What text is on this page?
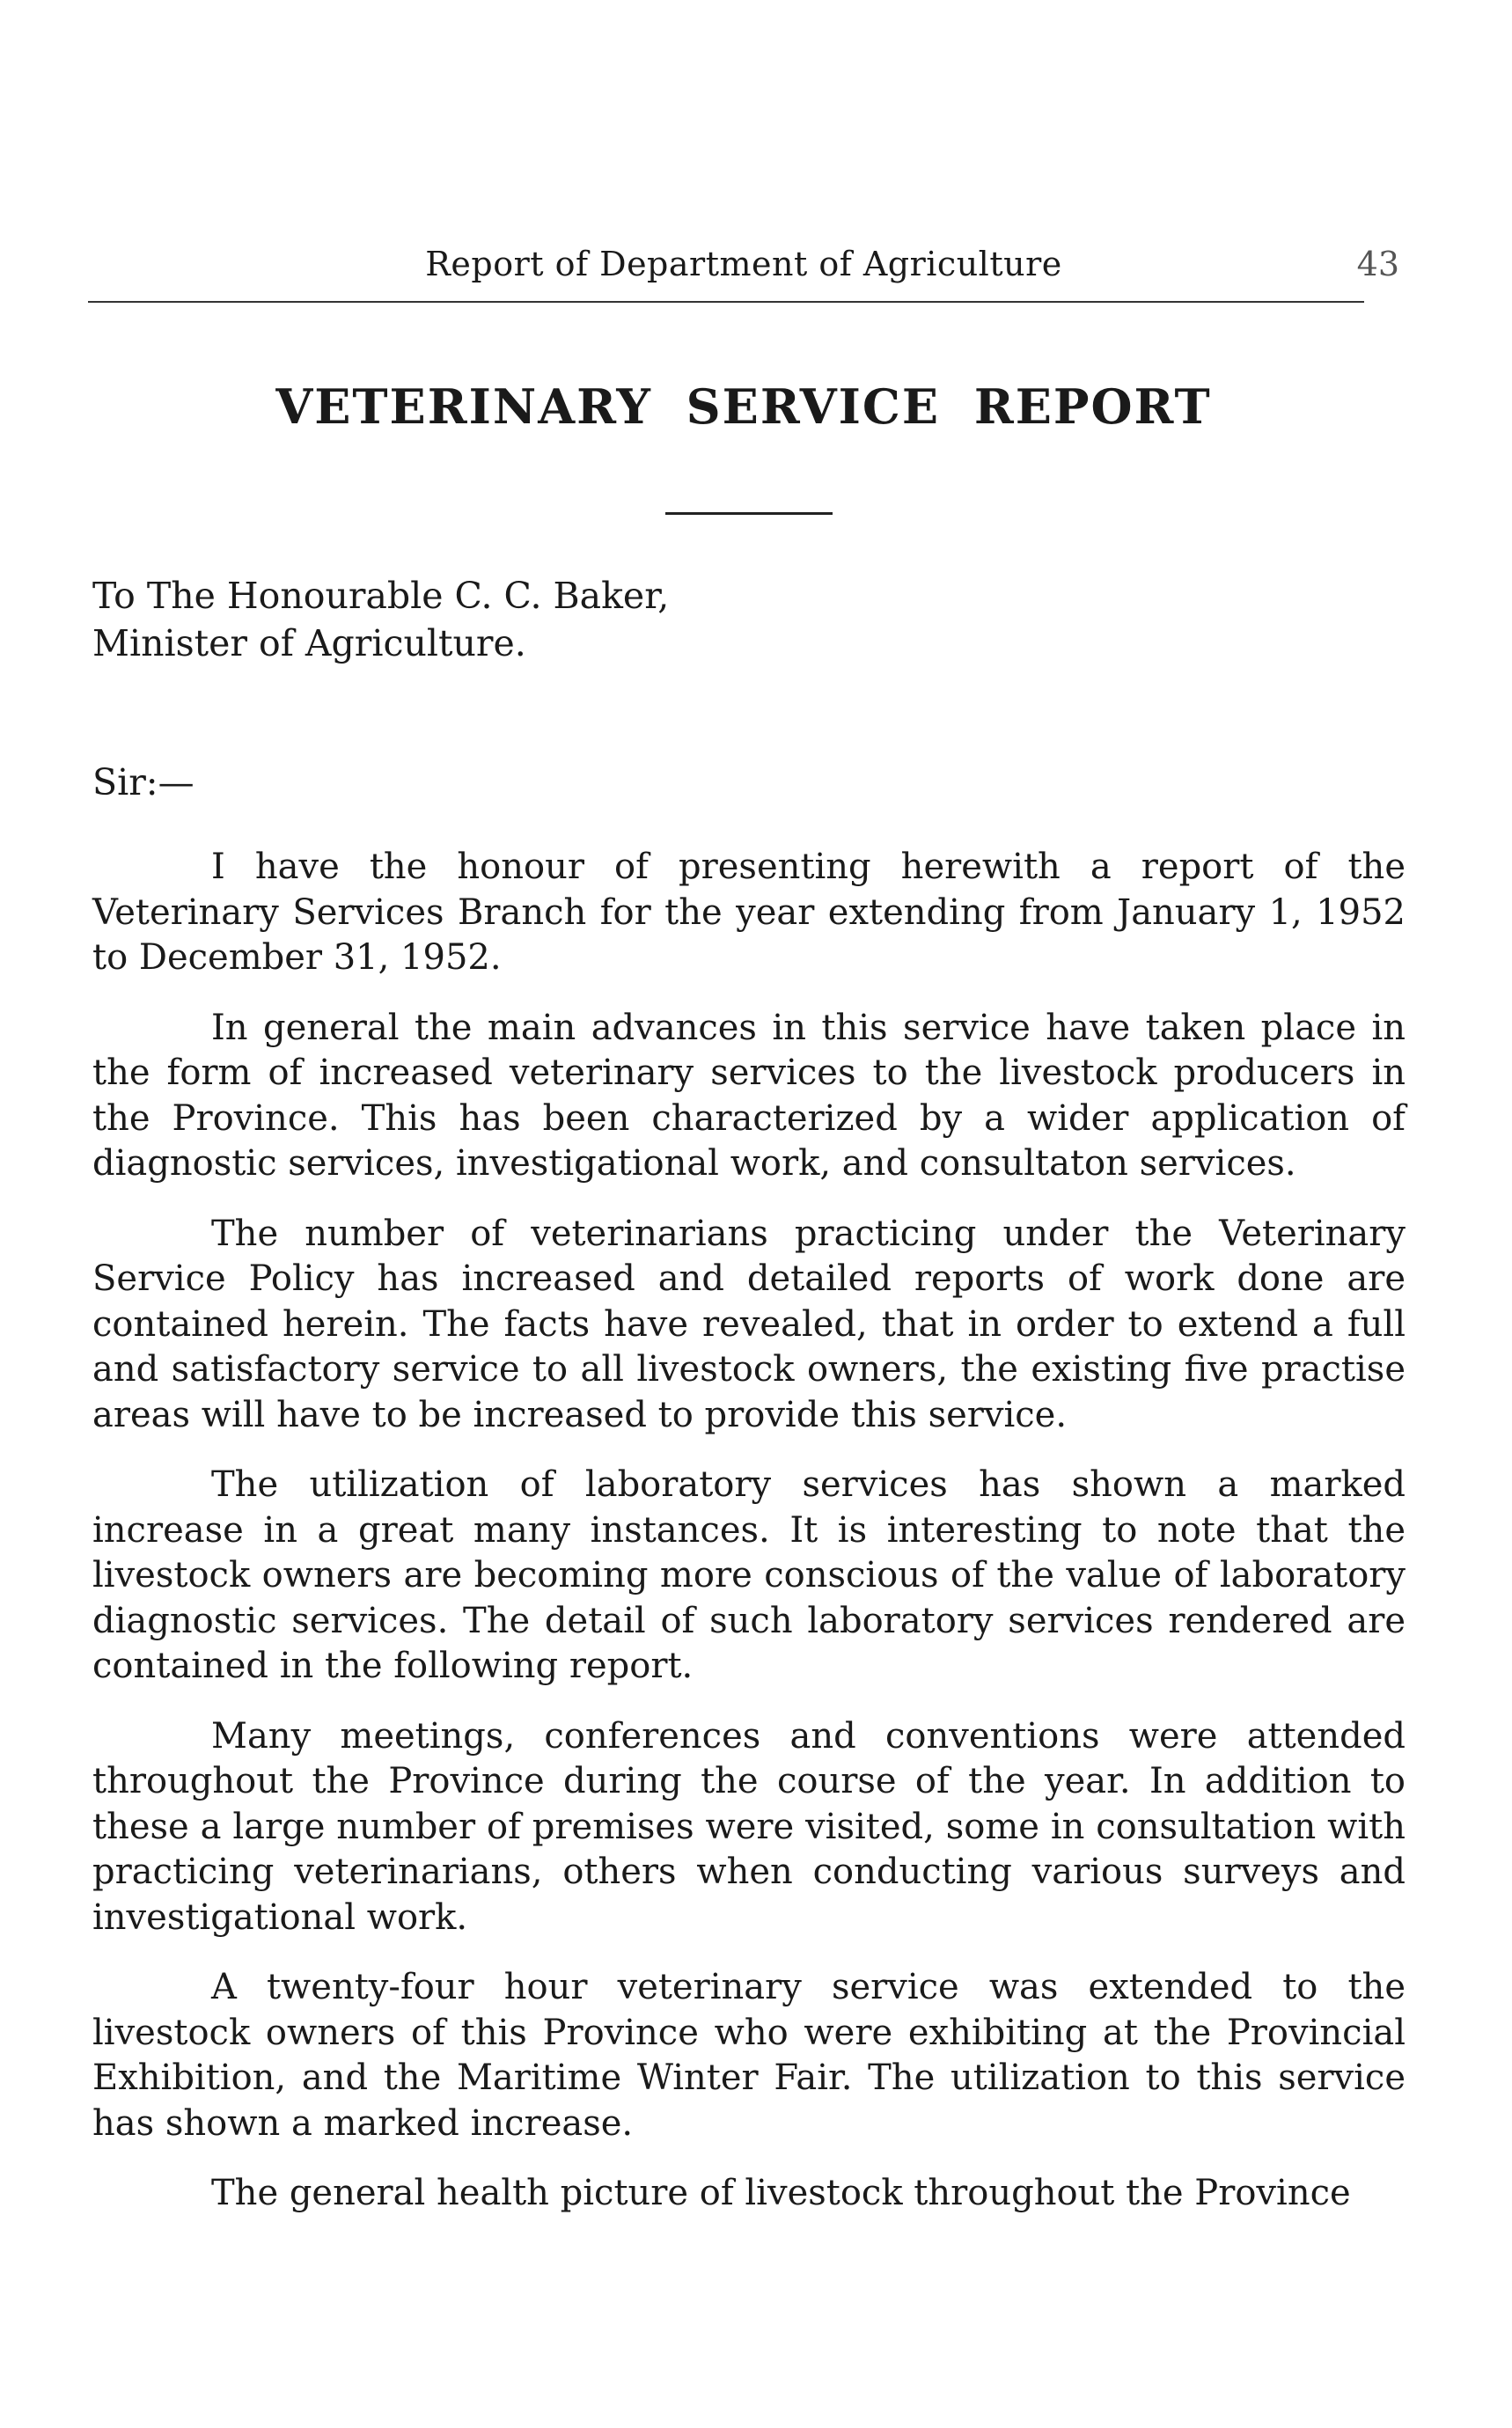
Report of Department of Agriculture	43
VETERINARY SERVICE REPORT
To The Honourable C. C. Baker,
Minister of Agriculture.
Sir:—

I have the honour of presenting herewith a report of the Veterinary Services Branch for the year extending from January 1, 1952 to December 31, 1952.

In general the main advances in this service have taken place in the form of increased veterinary services to the livestock producers in the Province. This has been characterized by a wider application of diagnostic services, investigational work, and consultaton services.

The number of veterinarians practicing under the Veterinary Service Policy has increased and detailed reports of work done are contained herein. The facts have revealed, that in order to extend a full and satisfactory service to all livestock owners, the existing five practise areas will have to be increased to provide this service.

The utilization of laboratory services has shown a marked increase in a great many instances. It is interesting to note that the livestock owners are becoming more conscious of the value of laboratory diagnostic services. The detail of such laboratory services rendered are contained in the following report.

Many meetings, conferences and conventions were attended throughout the Province during the course of the year. In addition to these a large number of premises were visited, some in consultation with practicing veterinarians, others when conducting various surveys and investigational work.

A twenty-four hour veterinary service was extended to the livestock owners of this Province who were exhibiting at the Provincial Exhibition, and the Maritime Winter Fair. The utilization to this service has shown a marked increase.

The general health picture of livestock throughout the Province
